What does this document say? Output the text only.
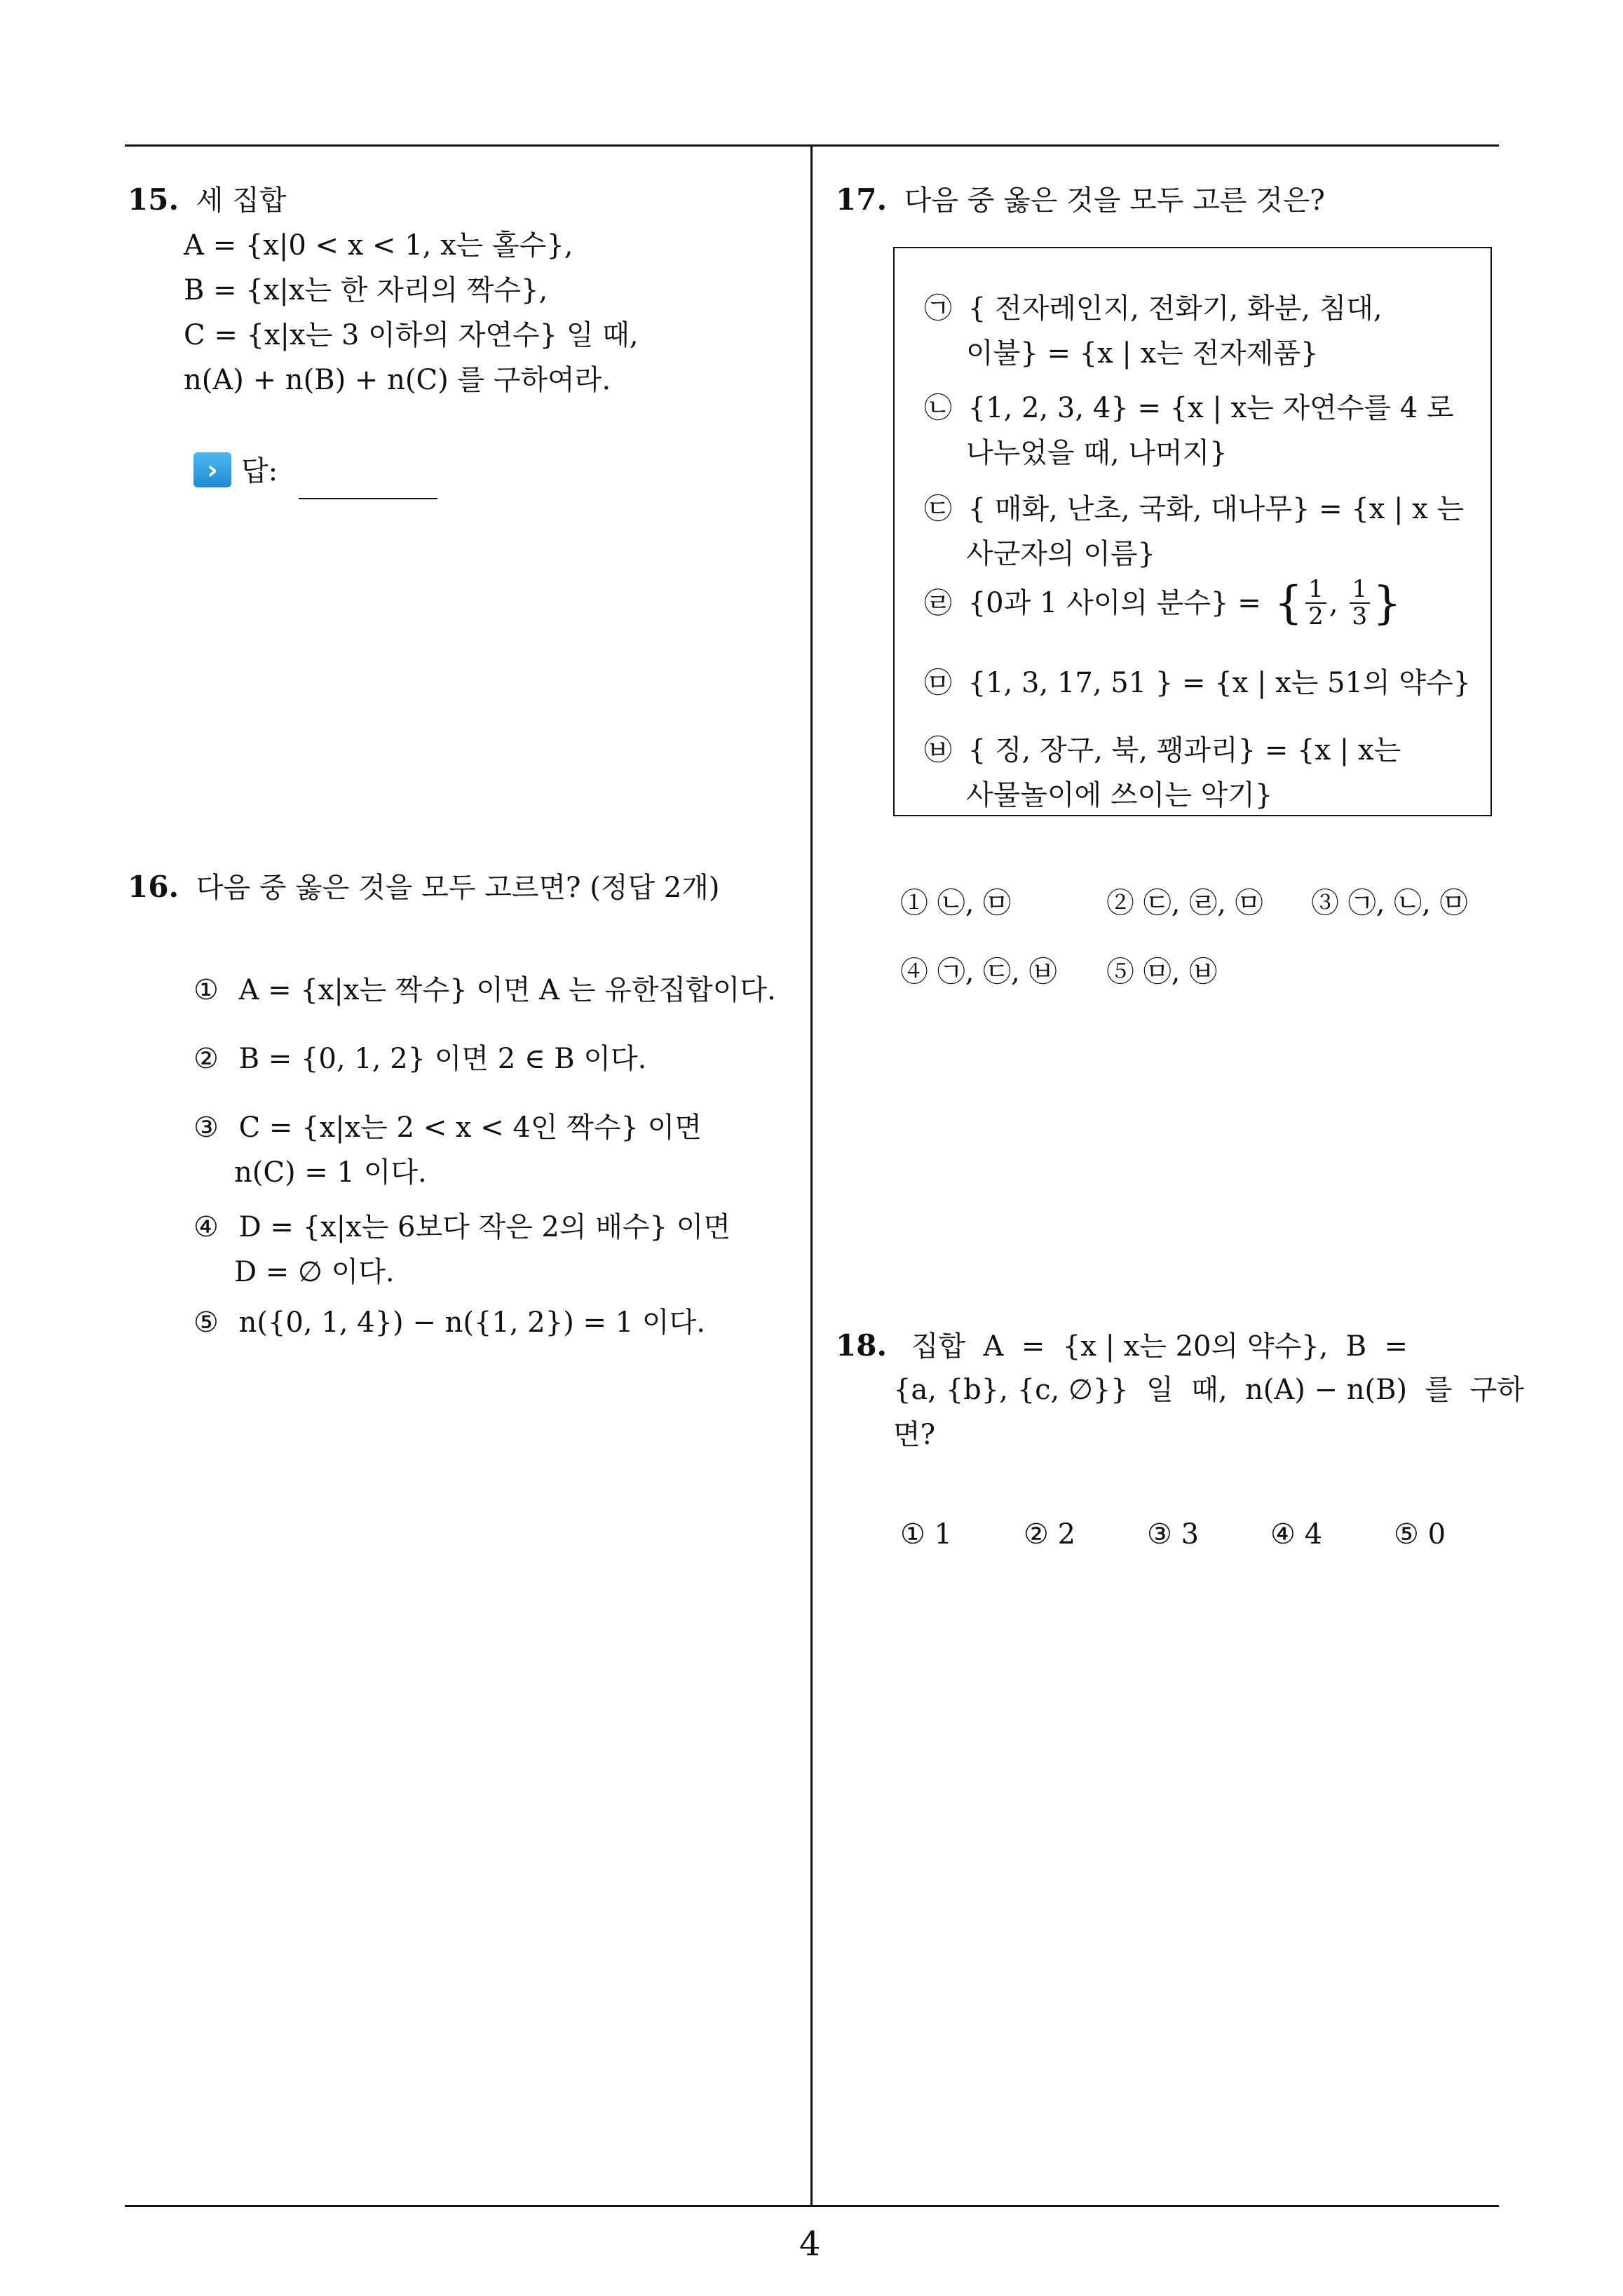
15. 세 집합
A = {x|0 < x < 1, x는 홀수},
B = {x|x는 한 자리의 짝수},
C = {x|x는 3 이하의 자연수} 일 때,
n(A) + n(B) + n(C) 를 구하여라.
› 답:
16. 다음 중 옳은 것을 모두 고르면? (정답 2개)
① A = {x|x는 짝수} 이면 A 는 유한집합이다.
② B = {0, 1, 2} 이면 2 ∈ B 이다.
③ C = {x|x는 2 < x < 4인 짝수} 이면
n(C) = 1 이다.
④ D = {x|x는 6보다 작은 2의 배수} 이면
D = ∅ 이다.
⑤ n({0, 1, 4}) − n({1, 2}) = 1 이다.
17. 다음 중 옳은 것을 모두 고른 것은?
㉠ { 전자레인지, 전화기, 화분, 침대,
이불} = {x | x는 전자제품}
㉡ {1, 2, 3, 4} = {x | x는 자연수를 4 로
나누었을 때, 나머지}
㉢ { 매화, 난초, 국화, 대나무} = {x | x 는
사군자의 이름}
㉣ {0과 1 사이의 분수} = { $\frac{1}{2}$ , $\frac{1}{3}$ }
㉤ {1, 3, 17, 51 } = {x | x는 51의 약수}
㉥ { 징, 장구, 북, 꽹과리} = {x | x는
사물놀이에 쓰이는 악기}
① ㉡, ㉤	② ㉢, ㉣, ㉤ ③ ㉠, ㉡, ㉤
④ ㉠, ㉢, ㉥ ⑤ ㉤, ㉥
18. 집합  A  =  {x | x는 20의 약수},  B  =
{a, {b}, {c, ∅}}  일  때,  n(A) − n(B)  를  구하
면?
① 1	② 2	③ 3	④ 4	⑤ 0
4
